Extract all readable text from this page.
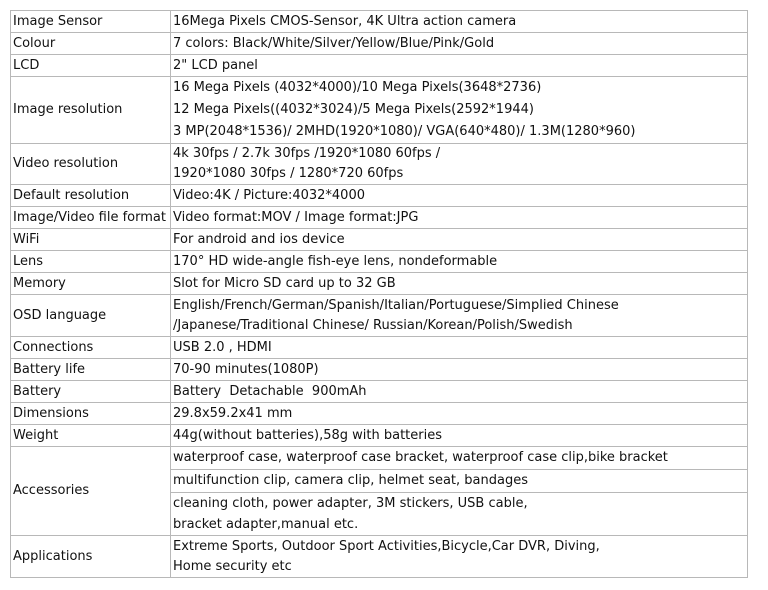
Image Sensor	16Mega Pixels CMOS-Sensor, 4K Ultra action camera
Colour	7 colors: Black/White/Silver/Yellow/Blue/Pink/Gold
LCD	2" LCD panel
Image resolution	16 Mega Pixels (4032*4000)/10 Mega Pixels(3648*2736)
12 Mega Pixels((4032*3024)/5 Mega Pixels(2592*1944)
3 MP(2048*1536)/ 2MHD(1920*1080)/ VGA(640*480)/ 1.3M(1280*960)

Video resolution	4k 30fps / 2.7k 30fps /1920*1080 60fps /
1920*1080 30fps / 1280*720 60fps

Default resolution	Video:4K / Picture:4032*4000
Image/Video file format	Video format:MOV / Image format:JPG
WiFi	For android and ios device
Lens	170° HD wide-angle fish-eye lens, nondeformable
Memory	Slot for Micro SD card up to 32 GB
OSD language	English/French/German/Spanish/Italian/Portuguese/Simplied Chinese
/Japanese/Traditional Chinese/ Russian/Korean/Polish/Swedish

Connections	USB 2.0 , HDMI
Battery life	70-90 minutes(1080P)
Battery	Battery  Detachable  900mAh
Dimensions	29.8x59.2x41 mm
Weight	44g(without batteries),58g with batteries
Accessories	waterproof case, waterproof case bracket, waterproof case clip,bike bracket
multifunction clip, camera clip, helmet seat, bandages
cleaning cloth, power adapter, 3M stickers, USB cable,
bracket adapter,manual etc.

Applications	Extreme Sports, Outdoor Sport Activities,Bicycle,Car DVR, Diving,
Home security etc
